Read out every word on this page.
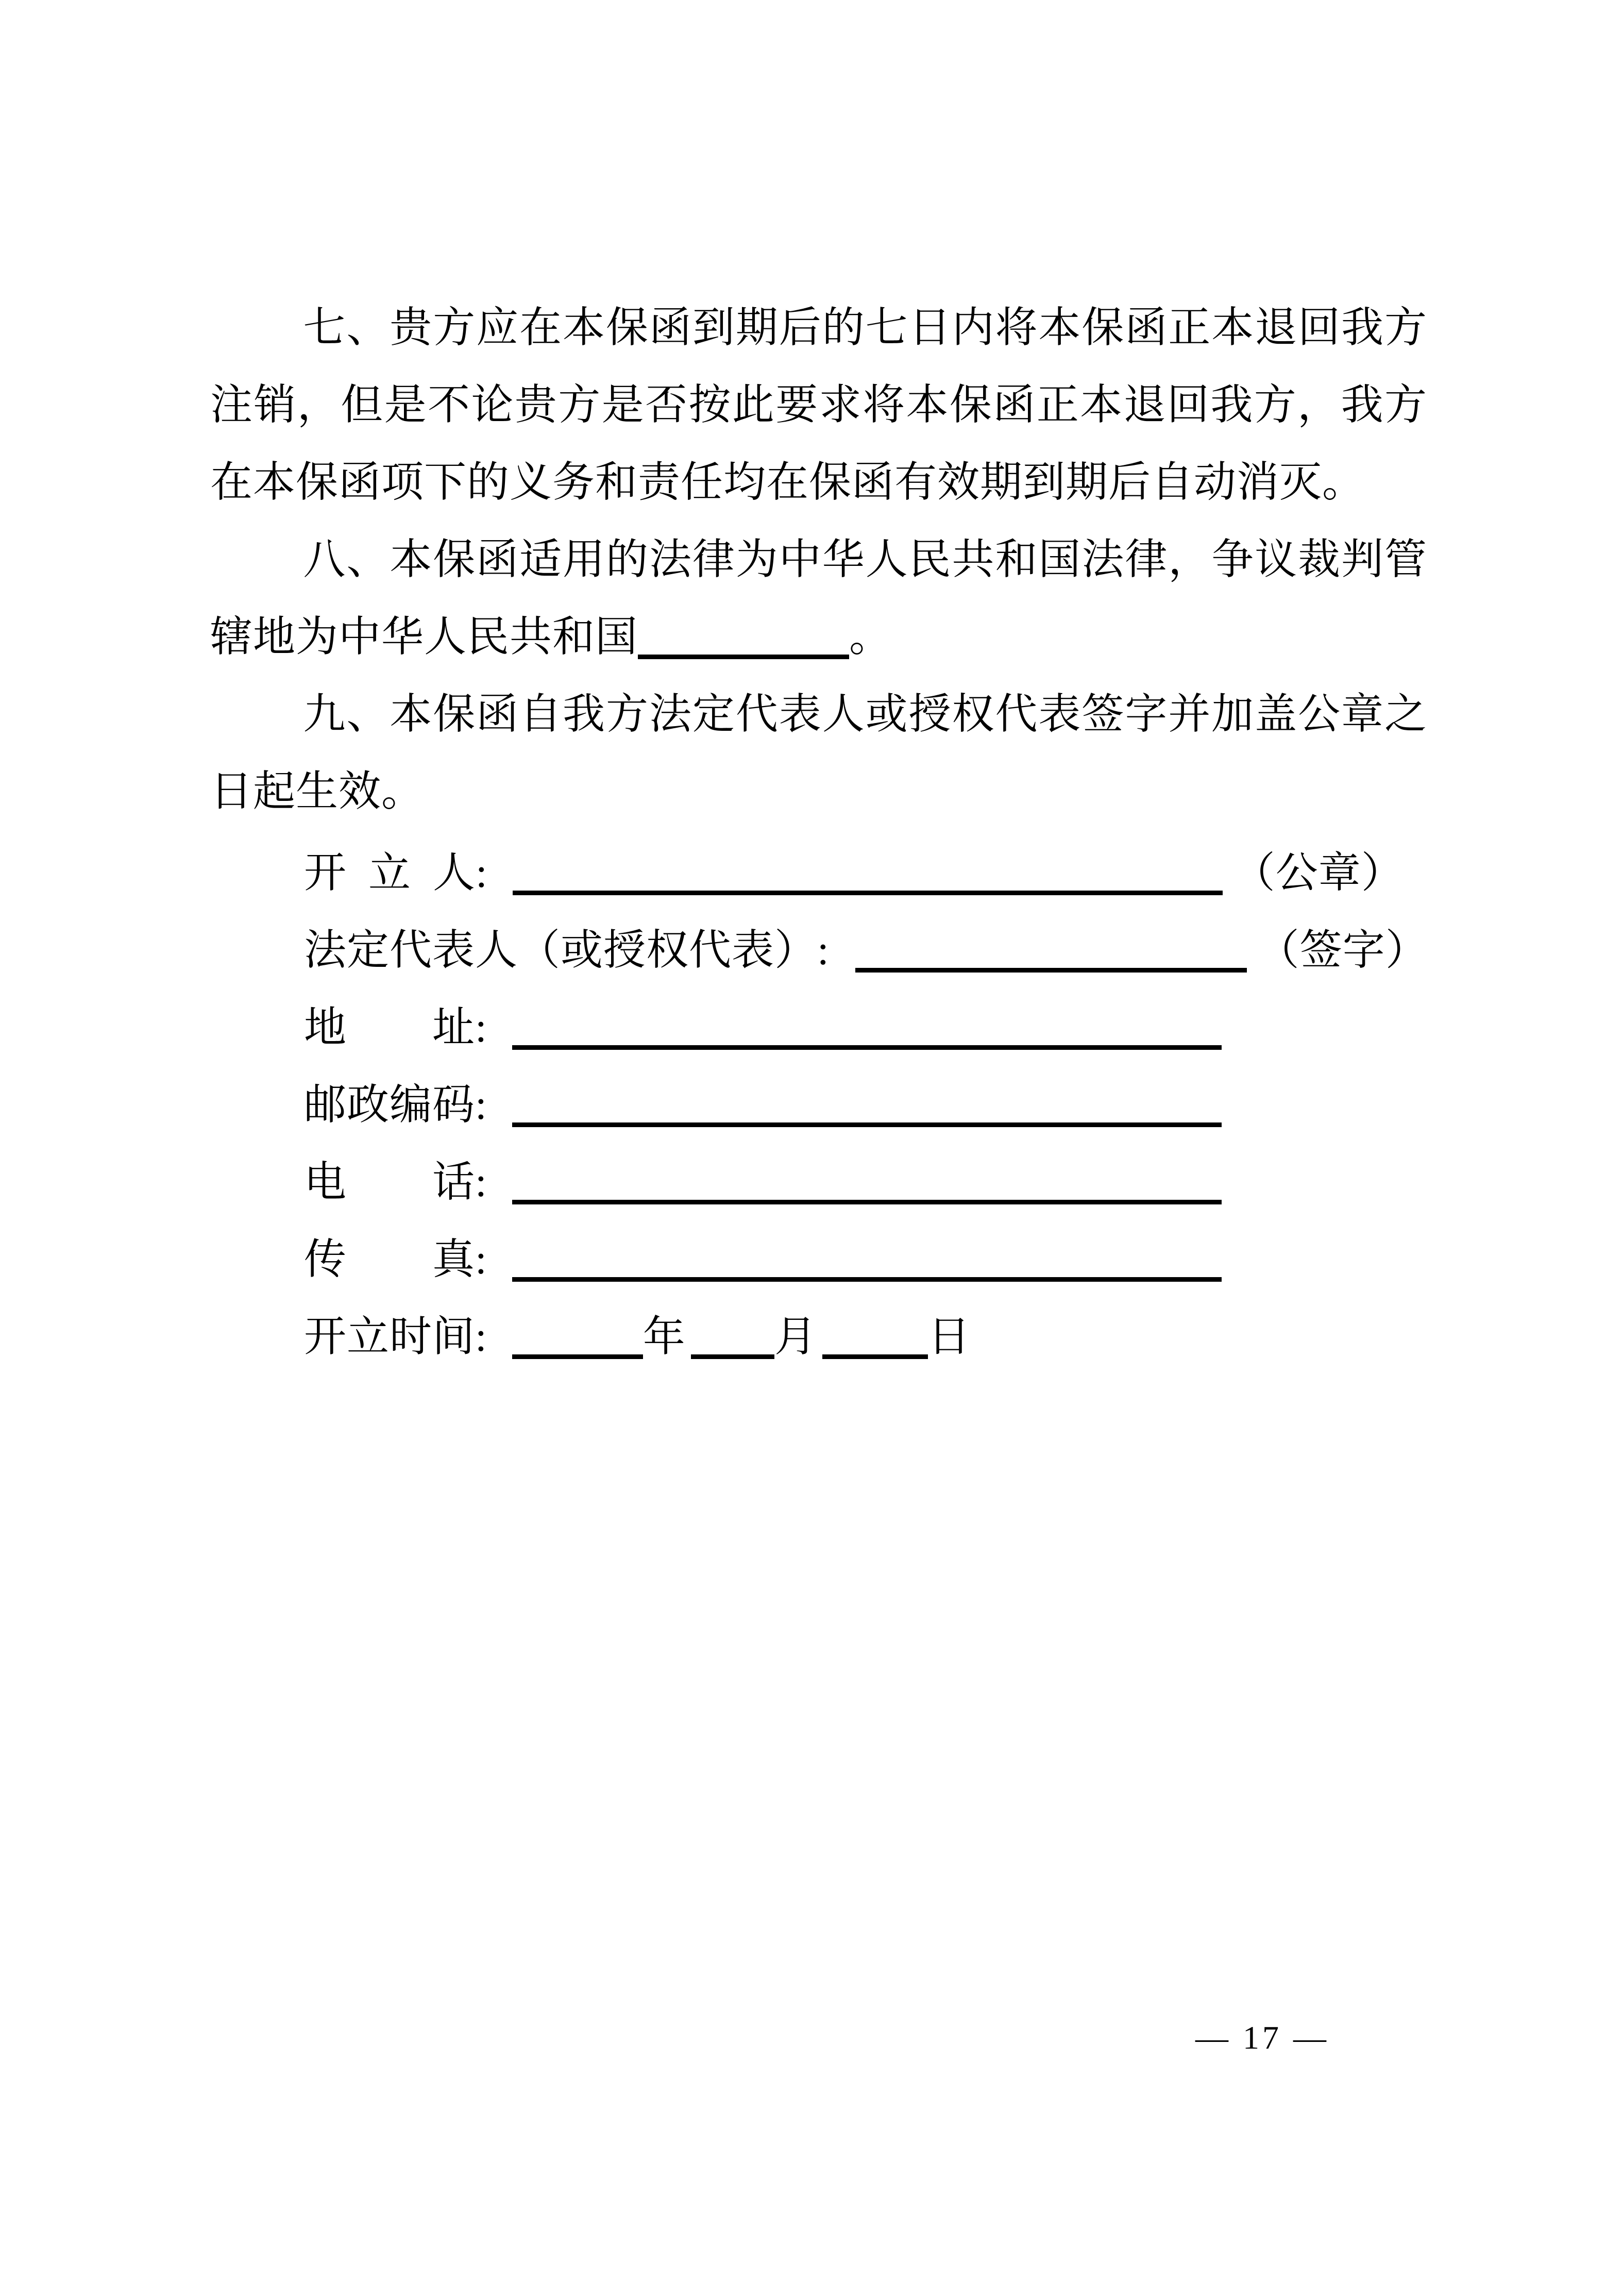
七、贵方应在本保函到期后的七日内将本保函正本退回我方注销，但是不论贵方是否按此要求将本保函正本退回我方，我方在本保函项下的义务和责任均在保函有效期到期后自动消灭。

八、本保函适用的法律为中华人民共和国法律，争议裁判管辖地为中华人民共和国	。

九、本保函自我方法定代表人或授权代表签字并加盖公章之日起生效。

开 立 人:	（公章）
法定代表人（或授权代表）:	（签字）
地  址:
邮政编码:
电  话:
传  真:
开立时间:	年 月	日
— 17 —
